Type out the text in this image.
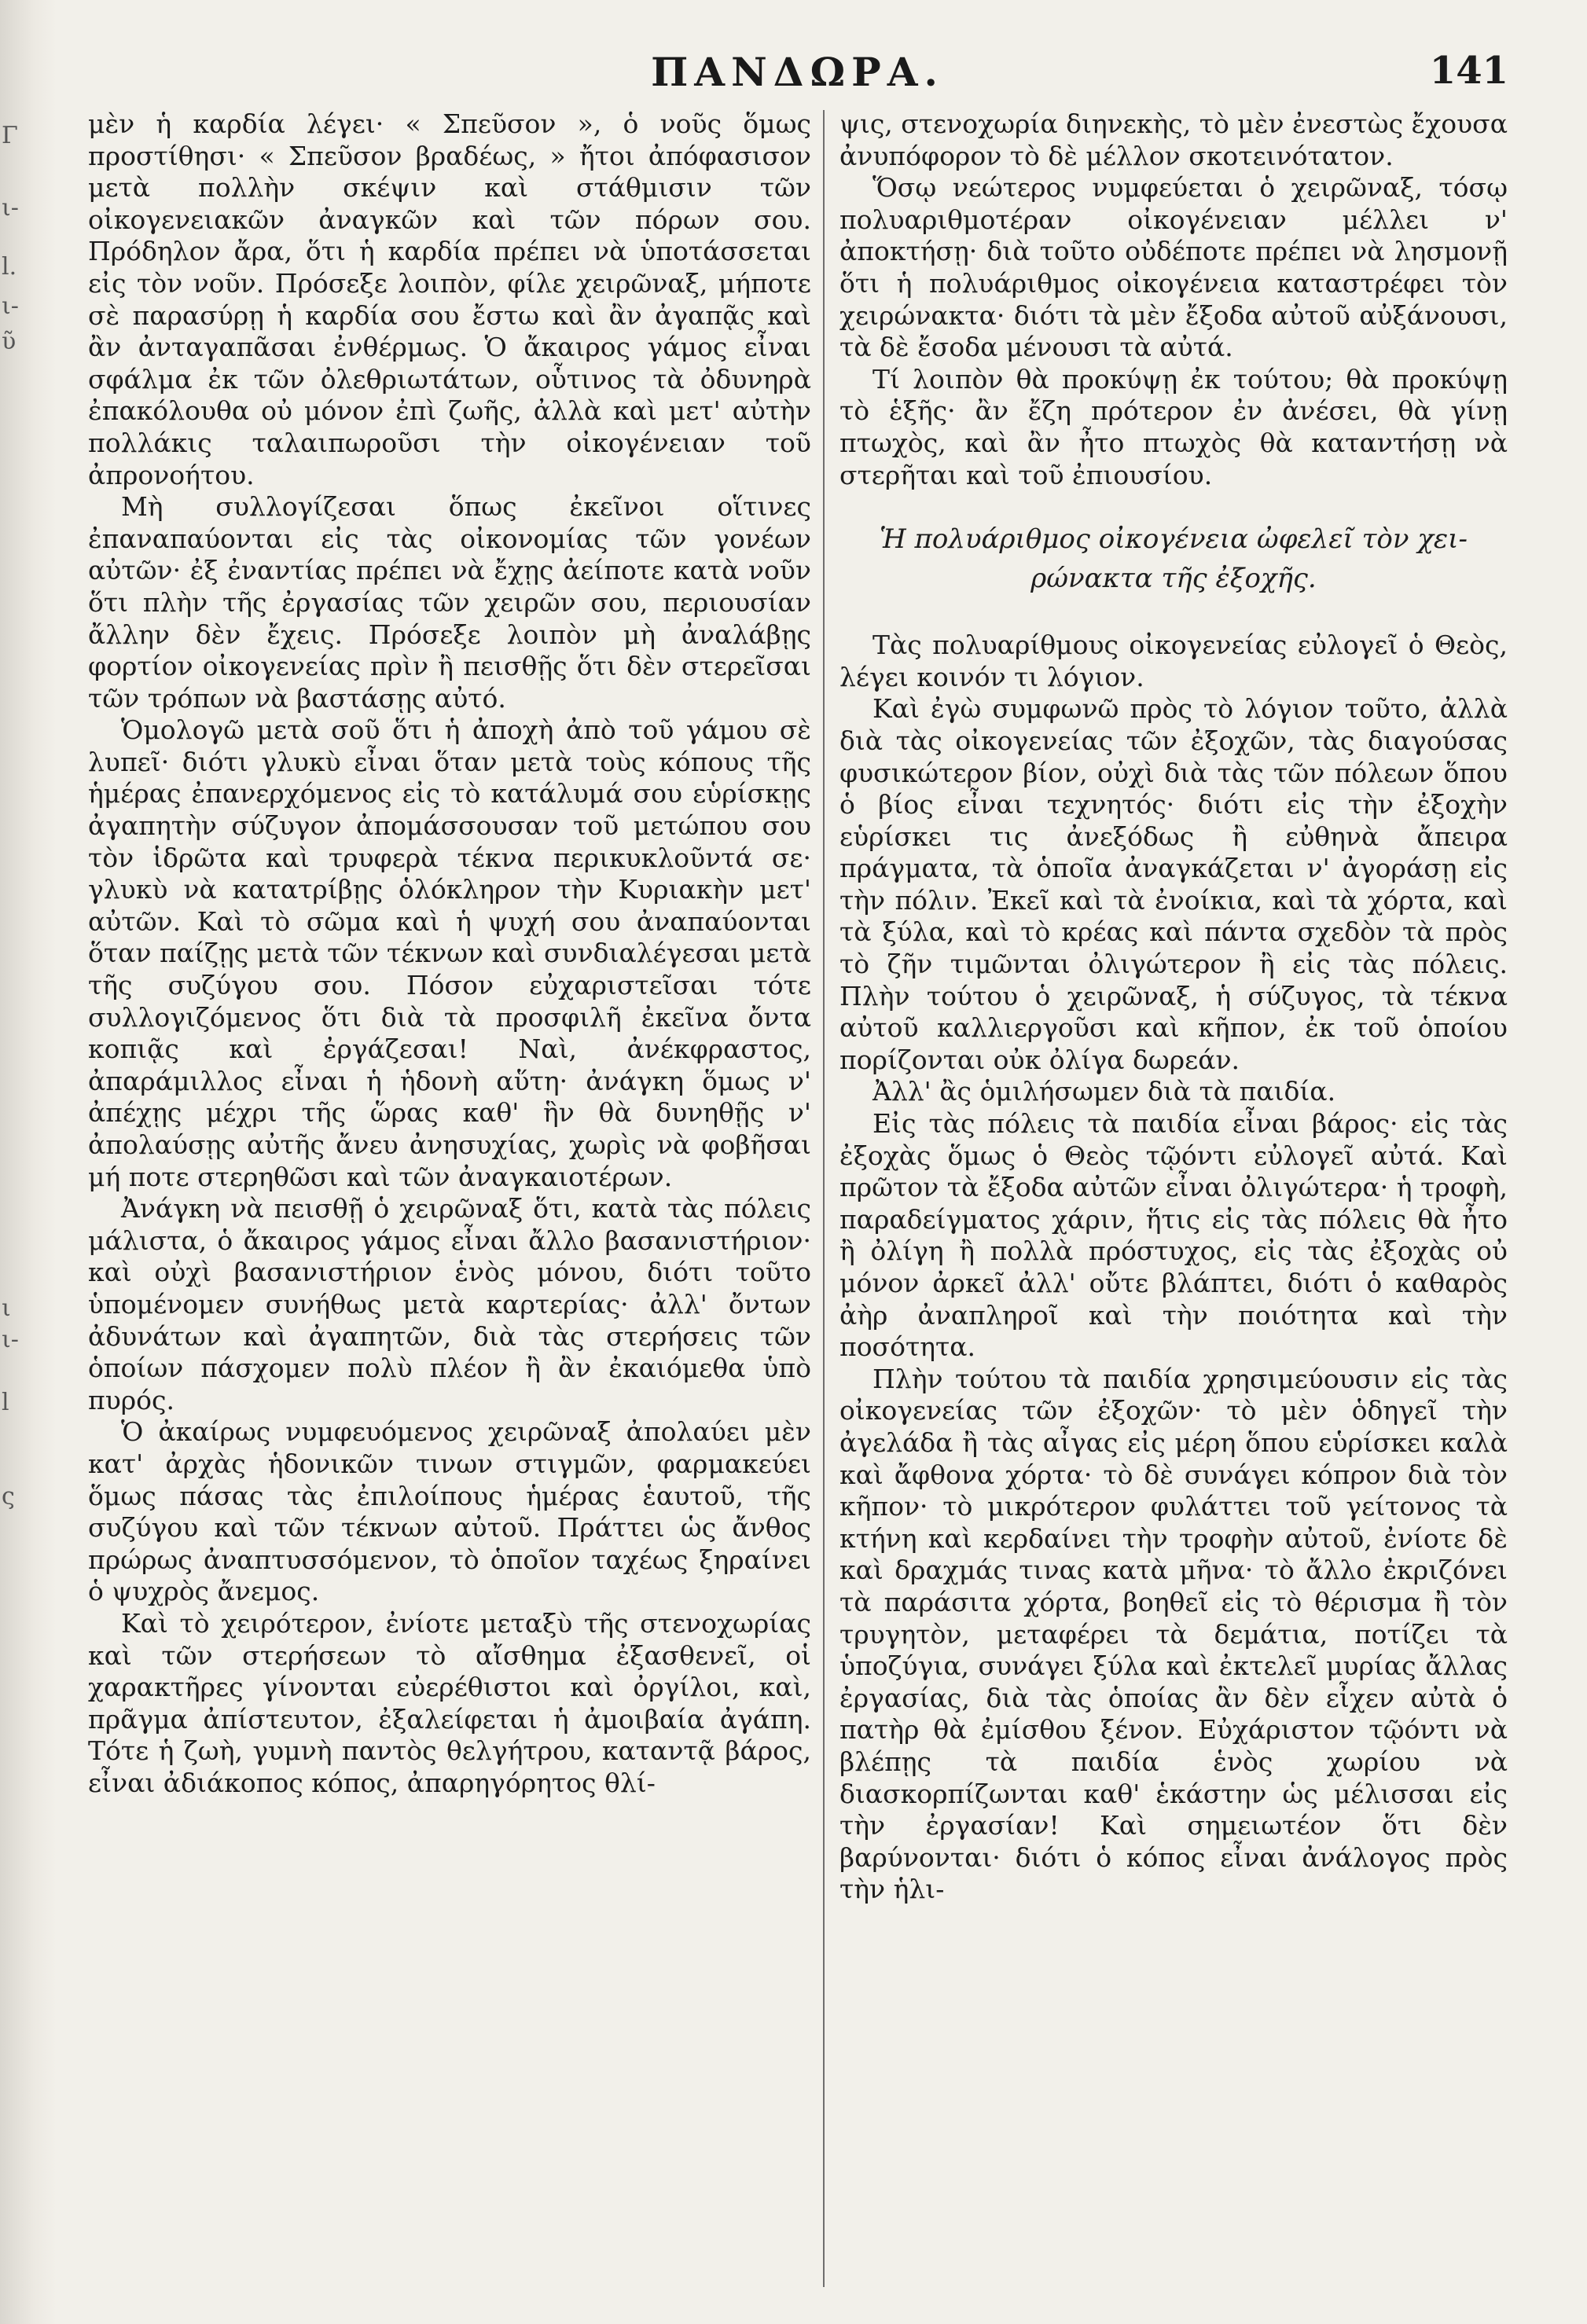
Γ
ι-
l.
ι-
ῦ
ι
ι-
l
ς
ΠΑΝΔΩΡΑ.	141

μὲν ἡ καρδία λέγει· « Σπεῦσον », ὁ νοῦς ὅμως προστίθησι· « Σπεῦσον βραδέως, » ἤτοι ἀπόφασισον μετὰ πολλὴν σκέψιν καὶ στάθμισιν τῶν οἰκογενειακῶν ἀναγκῶν καὶ τῶν πόρων σου. Πρόδηλον ἄρα, ὅτι ἡ καρδία πρέπει νὰ ὑποτάσσεται εἰς τὸν νοῦν. Πρόσεξε λοιπὸν, φίλε χειρῶναξ, μήποτε σὲ παρασύρῃ ἡ καρδία σου ἔστω καὶ ἂν ἀγαπᾷς καὶ ἂν ἀνταγαπᾶσαι ἐνθέρμως. Ὁ ἄκαιρος γάμος εἶναι σφάλμα ἐκ τῶν ὀλεθριωτάτων, οὗτινος τὰ ὀδυνηρὰ ἐπακόλουθα οὐ μόνον ἐπὶ ζωῆς, ἀλλὰ καὶ μετ' αὐτὴν πολλάκις ταλαιπωροῦσι τὴν οἰκογένειαν τοῦ ἀπρονοήτου.

Μὴ συλλογίζεσαι ὅπως ἐκεῖνοι οἵτινες ἐπαναπαύονται εἰς τὰς οἰκονομίας τῶν γονέων αὐτῶν· ἐξ ἐναντίας πρέπει νὰ ἔχῃς ἀείποτε κατὰ νοῦν ὅτι πλὴν τῆς ἐργασίας τῶν χειρῶν σου, περιουσίαν ἄλλην δὲν ἔχεις. Πρόσεξε λοιπὸν μὴ ἀναλάβῃς φορτίον οἰκογενείας πρὶν ἢ πεισθῇς ὅτι δὲν στερεῖσαι τῶν τρόπων νὰ βαστάσῃς αὐτό.

Ὁμολογῶ μετὰ σοῦ ὅτι ἡ ἀποχὴ ἀπὸ τοῦ γάμου σὲ λυπεῖ· διότι γλυκὺ εἶναι ὅταν μετὰ τοὺς κόπους τῆς ἡμέρας ἐπανερχόμενος εἰς τὸ κατάλυμά σου εὑρίσκῃς ἀγαπητὴν σύζυγον ἀπομάσσουσαν τοῦ μετώπου σου τὸν ἱδρῶτα καὶ τρυφερὰ τέκνα περικυκλοῦντά σε· γλυκὺ νὰ κατατρίβῃς ὁλόκληρον τὴν Κυριακὴν μετ' αὐτῶν. Καὶ τὸ σῶμα καὶ ἡ ψυχή σου ἀναπαύονται ὅταν παίζῃς μετὰ τῶν τέκνων καὶ συνδιαλέγεσαι μετὰ τῆς συζύγου σου. Πόσον εὐχαριστεῖσαι τότε συλλογιζόμενος ὅτι διὰ τὰ προσφιλῆ ἐκεῖνα ὄντα κοπιᾷς καὶ ἐργάζεσαι! Ναὶ, ἀνέκφραστος, ἀπαράμιλλος εἶναι ἡ ἡδονὴ αὕτη· ἀνάγκη ὅμως ν' ἀπέχῃς μέχρι τῆς ὥρας καθ' ἣν θὰ δυνηθῇς ν' ἀπολαύσῃς αὐτῆς ἄνευ ἀνησυχίας, χωρὶς νὰ φοβῆσαι μή ποτε στερηθῶσι καὶ τῶν ἀναγκαιοτέρων.

Ἀνάγκη νὰ πεισθῇ ὁ χειρῶναξ ὅτι, κατὰ τὰς πόλεις μάλιστα, ὁ ἄκαιρος γάμος εἶναι ἄλλο βασανιστήριον· καὶ οὐχὶ βασανιστήριον ἑνὸς μόνου, διότι τοῦτο ὑπομένομεν συνήθως μετὰ καρτερίας· ἀλλ' ὄντων ἀδυνάτων καὶ ἀγαπητῶν, διὰ τὰς στερήσεις τῶν ὁποίων πάσχομεν πολὺ πλέον ἢ ἂν ἐκαιόμεθα ὑπὸ πυρός.

Ὁ ἀκαίρως νυμφευόμενος χειρῶναξ ἀπολαύει μὲν κατ' ἀρχὰς ἡδονικῶν τινων στιγμῶν, φαρμακεύει ὅμως πάσας τὰς ἐπιλοίπους ἡμέρας ἑαυτοῦ, τῆς συζύγου καὶ τῶν τέκνων αὐτοῦ. Πράττει ὡς ἄνθος πρώρως ἀναπτυσσόμενον, τὸ ὁποῖον ταχέως ξηραίνει ὁ ψυχρὸς ἄνεμος.

Καὶ τὸ χειρότερον, ἐνίοτε μεταξὺ τῆς στενοχωρίας καὶ τῶν στερήσεων τὸ αἴσθημα ἐξασθενεῖ, οἱ χαρακτῆρες γίνονται εὐερέθιστοι καὶ ὀργίλοι, καὶ, πρᾶγμα ἀπίστευτον, ἐξαλείφεται ἡ ἀμοιβαία ἀγάπη. Τότε ἡ ζωὴ, γυμνὴ παντὸς θελγήτρου, καταντᾷ βάρος, εἶναι ἀδιάκοπος κόπος, ἀπαρηγόρητος θλί-

ψις, στενοχωρία διηνεκὴς, τὸ μὲν ἐνεστὼς ἔχουσα ἀνυπόφορον τὸ δὲ μέλλον σκοτεινότατον.

Ὅσῳ νεώτερος νυμφεύεται ὁ χειρῶναξ, τόσῳ πολυαριθμοτέραν οἰκογένειαν μέλλει ν' ἀποκτήσῃ· διὰ τοῦτο οὐδέποτε πρέπει νὰ λησμονῇ ὅτι ἡ πολυάριθμος οἰκογένεια καταστρέφει τὸν χειρώνακτα· διότι τὰ μὲν ἔξοδα αὐτοῦ αὐξάνουσι, τὰ δὲ ἔσοδα μένουσι τὰ αὐτά.

Τί λοιπὸν θὰ προκύψῃ ἐκ τούτου; θὰ προκύψῃ τὸ ἑξῆς· ἂν ἔζη πρότερον ἐν ἀνέσει, θὰ γίνῃ πτωχὸς, καὶ ἂν ἦτο πτωχὸς θὰ καταντήσῃ νὰ στερῆται καὶ τοῦ ἐπιουσίου.

Ἡ πολυάριθμος οἰκογένεια ὠφελεῖ τὸν χει-
ρώνακτα τῆς ἐξοχῆς.

Τὰς πολυαρίθμους οἰκογενείας εὐλογεῖ ὁ Θεὸς, λέγει κοινόν τι λόγιον.

Καὶ ἐγὼ συμφωνῶ πρὸς τὸ λόγιον τοῦτο, ἀλλὰ διὰ τὰς οἰκογενείας τῶν ἐξοχῶν, τὰς διαγούσας φυσικώτερον βίον, οὐχὶ διὰ τὰς τῶν πόλεων ὅπου ὁ βίος εἶναι τεχνητός· διότι εἰς τὴν ἐξοχὴν εὑρίσκει τις ἀνεξόδως ἢ εὐθηνὰ ἄπειρα πράγματα, τὰ ὁποῖα ἀναγκάζεται ν' ἀγοράσῃ εἰς τὴν πόλιν. Ἐκεῖ καὶ τὰ ἐνοίκια, καὶ τὰ χόρτα, καὶ τὰ ξύλα, καὶ τὸ κρέας καὶ πάντα σχεδὸν τὰ πρὸς τὸ ζῆν τιμῶνται ὀλιγώτερον ἢ εἰς τὰς πόλεις. Πλὴν τούτου ὁ χειρῶναξ, ἡ σύζυγος, τὰ τέκνα αὐτοῦ καλλιεργοῦσι καὶ κῆπον, ἐκ τοῦ ὁποίου πορίζονται οὐκ ὀλίγα δωρεάν.

Ἀλλ' ἂς ὁμιλήσωμεν διὰ τὰ παιδία.

Εἰς τὰς πόλεις τὰ παιδία εἶναι βάρος· εἰς τὰς ἐξοχὰς ὅμως ὁ Θεὸς τῷόντι εὐλογεῖ αὐτά. Καὶ πρῶτον τὰ ἔξοδα αὐτῶν εἶναι ὀλιγώτερα· ἡ τροφὴ, παραδείγματος χάριν, ἥτις εἰς τὰς πόλεις θὰ ἦτο ἢ ὀλίγη ἢ πολλὰ πρόστυχος, εἰς τὰς ἐξοχὰς οὐ μόνον ἀρκεῖ ἀλλ' οὔτε βλάπτει, διότι ὁ καθαρὸς ἀὴρ ἀναπληροῖ καὶ τὴν ποιότητα καὶ τὴν ποσότητα.

Πλὴν τούτου τὰ παιδία χρησιμεύουσιν εἰς τὰς οἰκογενείας τῶν ἐξοχῶν· τὸ μὲν ὁδηγεῖ τὴν ἀγελάδα ἢ τὰς αἶγας εἰς μέρη ὅπου εὑρίσκει καλὰ καὶ ἄφθονα χόρτα· τὸ δὲ συνάγει κόπρον διὰ τὸν κῆπον· τὸ μικρότερον φυλάττει τοῦ γείτονος τὰ κτήνη καὶ κερδαίνει τὴν τροφὴν αὐτοῦ, ἐνίοτε δὲ καὶ δραχμάς τινας κατὰ μῆνα· τὸ ἄλλο ἐκριζόνει τὰ παράσιτα χόρτα, βοηθεῖ εἰς τὸ θέρισμα ἢ τὸν τρυγητὸν, μεταφέρει τὰ δεμάτια, ποτίζει τὰ ὑποζύγια, συνάγει ξύλα καὶ ἐκτελεῖ μυρίας ἄλλας ἐργασίας, διὰ τὰς ὁποίας ἂν δὲν εἶχεν αὐτὰ ὁ πατὴρ θὰ ἐμίσθου ξένον. Εὐχάριστον τῷόντι νὰ βλέπῃς τὰ παιδία ἑνὸς χωρίου νὰ διασκορπίζωνται καθ' ἑκάστην ὡς μέλισσαι εἰς τὴν ἐργασίαν! Καὶ σημειωτέον ὅτι δὲν βαρύνονται· διότι ὁ κόπος εἶναι ἀνάλογος πρὸς τὴν ἡλι-
